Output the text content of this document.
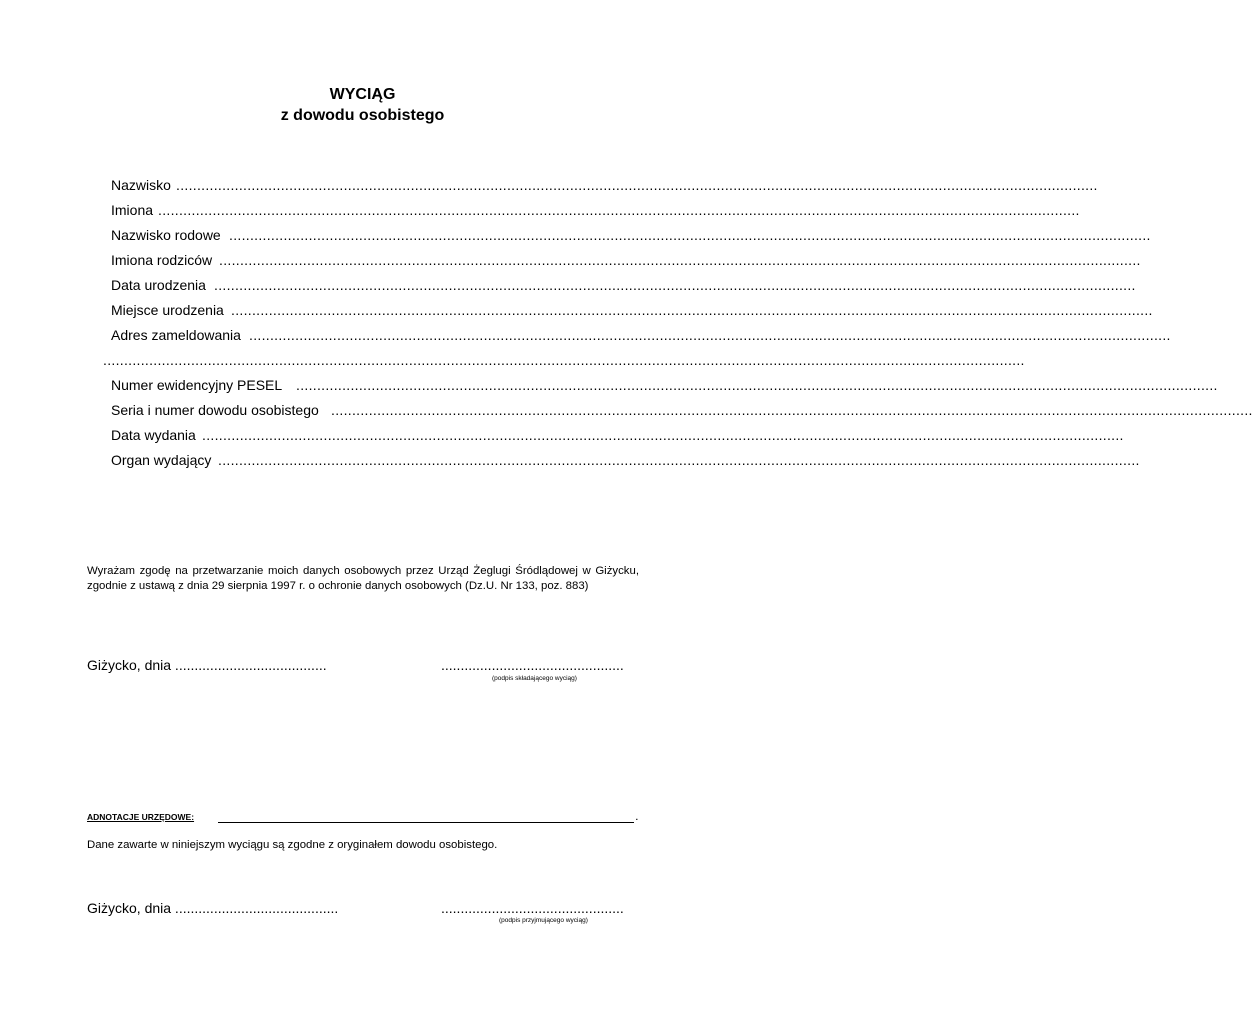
WYCIĄG
z dowodu osobistego
Nazwisko ............................................................................................................................................................................................................................
Imiona ............................................................................................................................................................................................................................
Nazwisko rodowe ............................................................................................................................................................................................................................
Imiona rodziców ............................................................................................................................................................................................................................
Data urodzenia ............................................................................................................................................................................................................................
Miejsce urodzenia ............................................................................................................................................................................................................................
Adres zameldowania ............................................................................................................................................................................................................................
............................................................................................................................................................................................................................
Numer ewidencyjny PESEL ............................................................................................................................................................................................................................
Seria i numer dowodu osobistego ............................................................................................................................................................................................................................
Data wydania ............................................................................................................................................................................................................................
Organ wydający ............................................................................................................................................................................................................................
Wyrażam zgodę na przetwarzanie moich danych osobowych przez Urząd Żeglugi Śródlądowej w Giżycku, zgodnie z ustawą z dnia 29 sierpnia 1997 r. o ochronie danych osobowych (Dz.U. Nr 133, poz. 883)
Giżycko, dnia .......................................	...............................................
(podpis składającego wyciąg)
ADNOTACJE URZĘDOWE:	.
Dane zawarte w niniejszym wyciągu są zgodne z oryginałem dowodu osobistego.
Giżycko, dnia ..........................................	...............................................
(podpis przyjmującego wyciąg)
